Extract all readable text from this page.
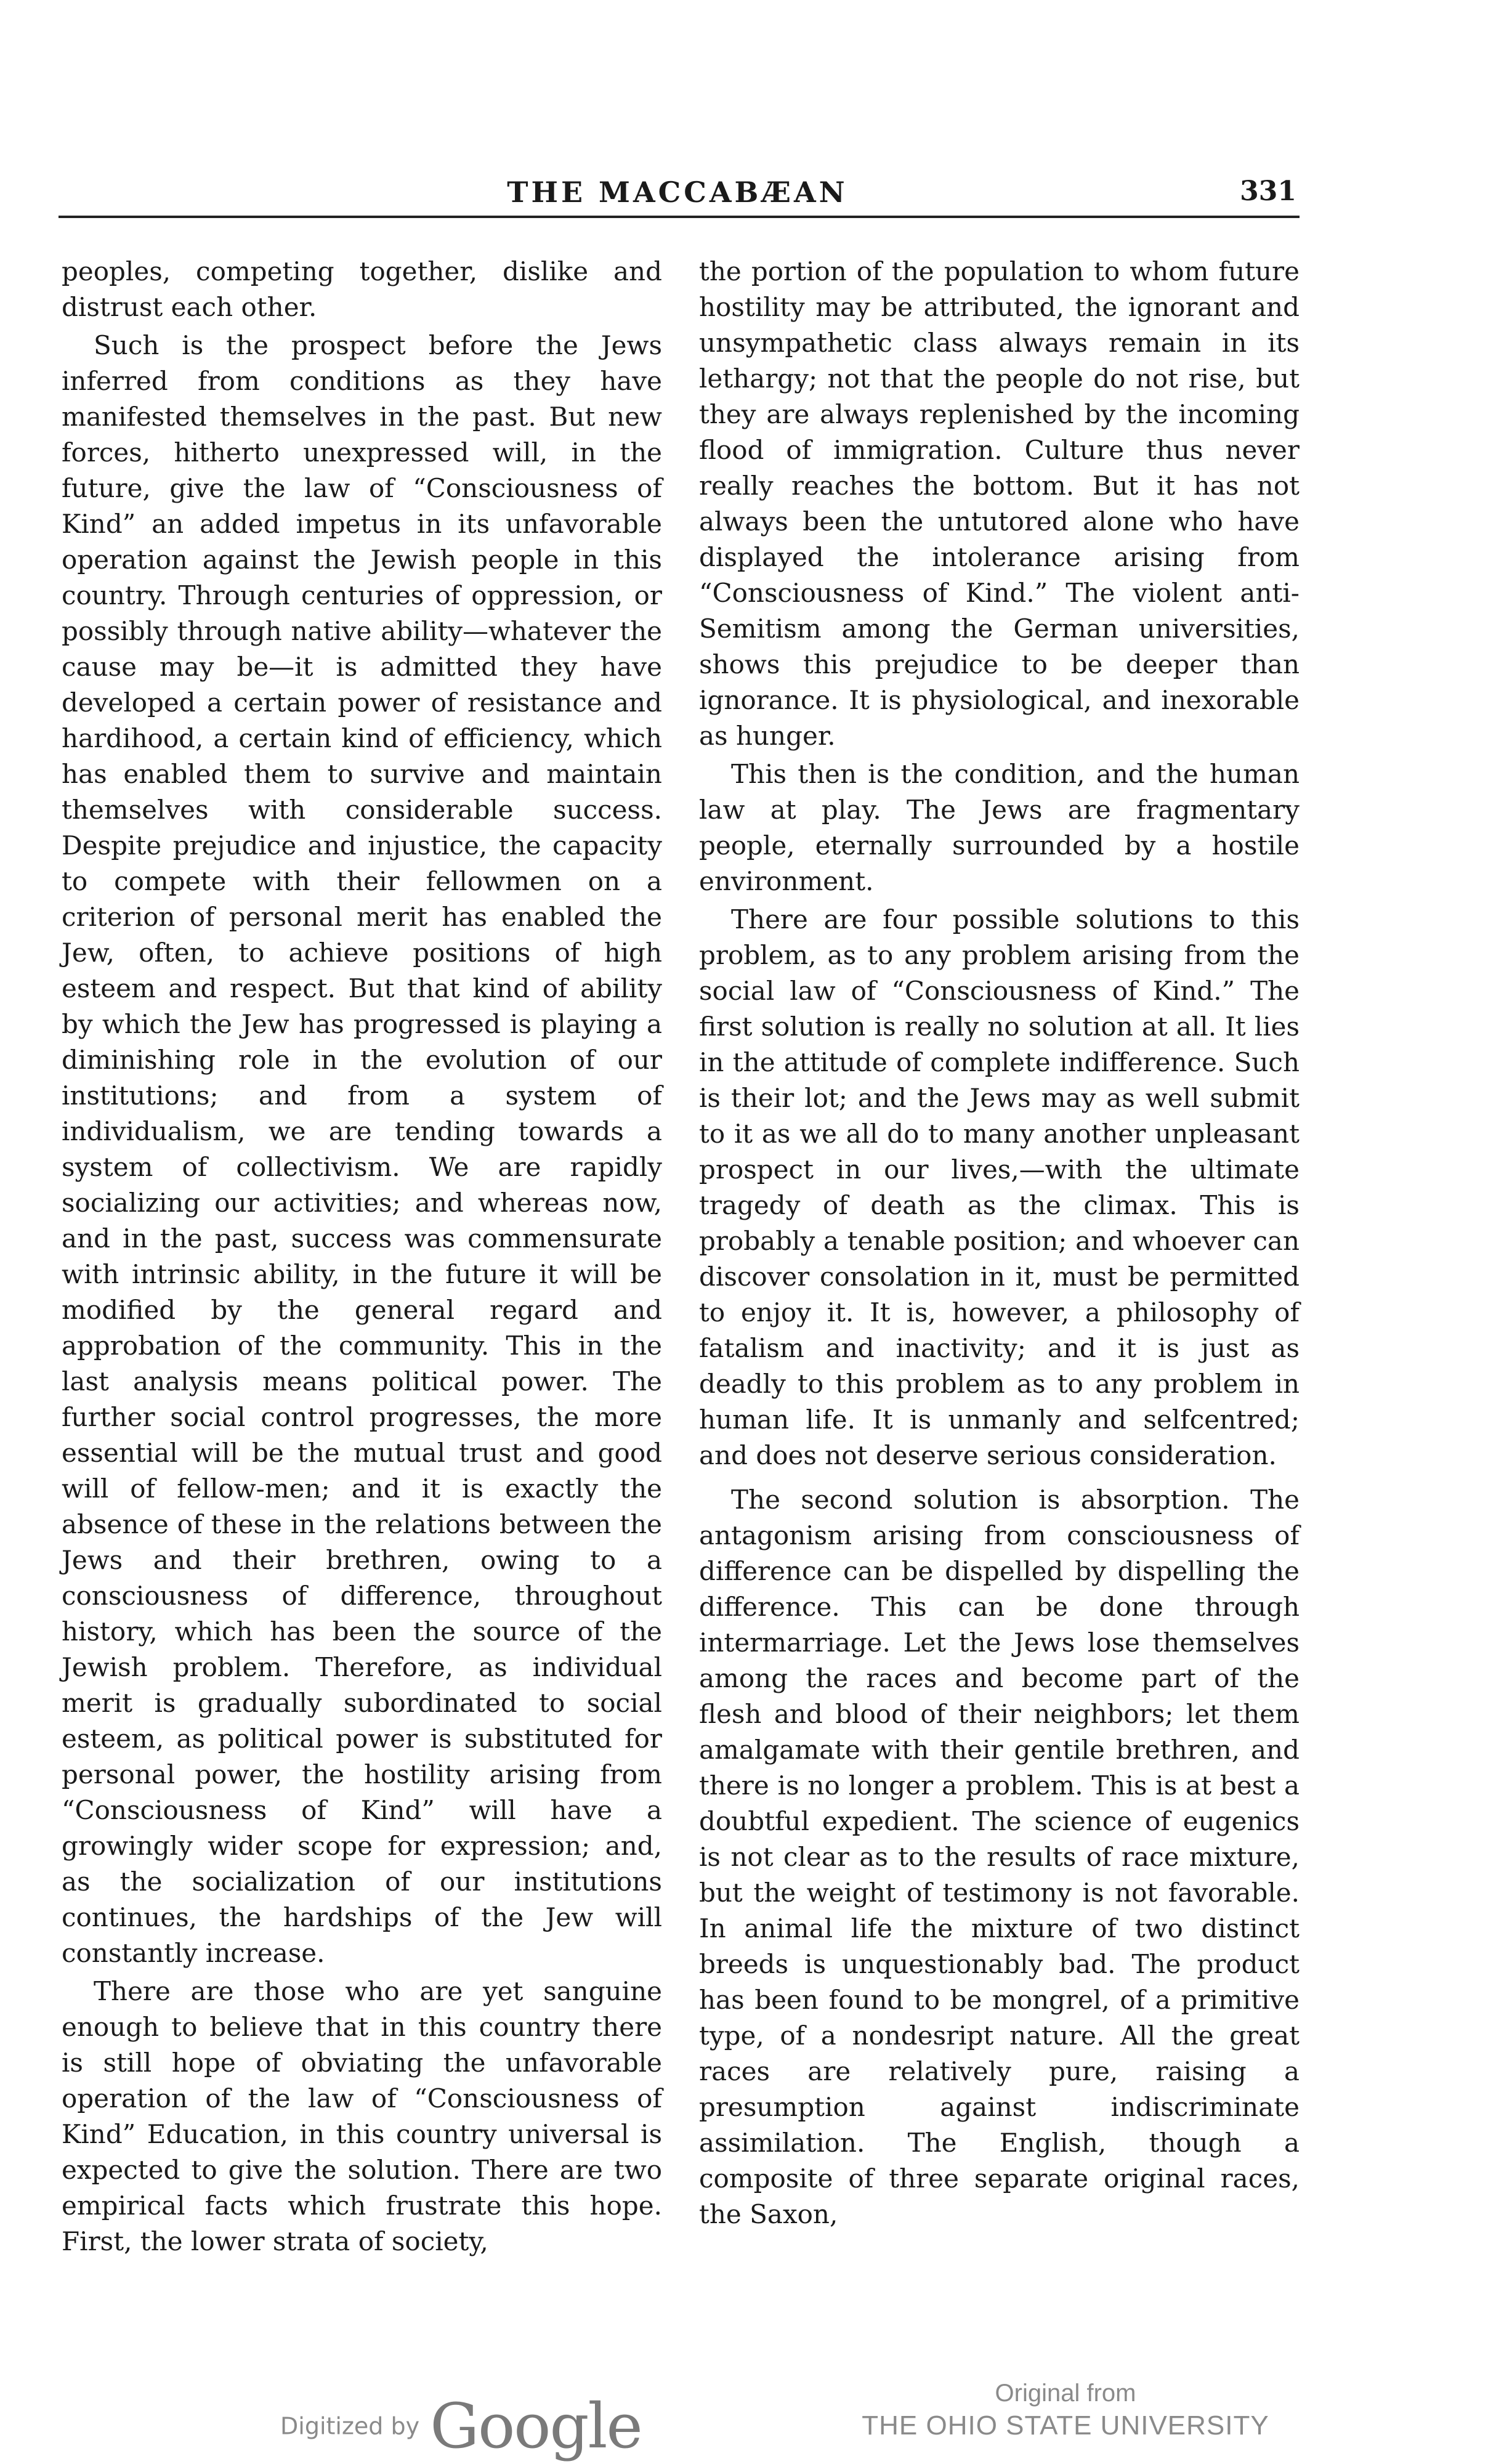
THE MACCABÆAN	331

peoples, competing together, dislike and distrust each other.

Such is the prospect before the Jews inferred from conditions as they have manifested themselves in the past. But new forces, hitherto unexpressed will, in the future, give the law of “Consciousness of Kind” an added impetus in its unfavorable operation against the Jewish people in this country. Through centuries of oppression, or possibly through native ability—whatever the cause may be—it is admitted they have developed a certain power of resistance and hardihood, a certain kind of efficiency, which has enabled them to survive and maintain themselves with considerable success. Despite prejudice and injustice, the capacity to compete with their fellowmen on a criterion of personal merit has enabled the Jew, often, to achieve positions of high esteem and respect. But that kind of ability by which the Jew has progressed is playing a diminishing role in the evolution of our institutions; and from a system of individualism, we are tending towards a system of collectivism. We are rapidly socializing our activities; and whereas now, and in the past, success was commensurate with intrinsic ability, in the future it will be modified by the general regard and approbation of the community. This in the last analysis means political power. The further social control progresses, the more essential will be the mutual trust and good will of fellow-men; and it is exactly the absence of these in the relations between the Jews and their brethren, owing to a consciousness of difference, throughout history, which has been the source of the Jewish problem. Therefore, as individual merit is gradually subordinated to social esteem, as political power is substituted for personal power, the hostility arising from “Consciousness of Kind” will have a growingly wider scope for expression; and, as the socialization of our institutions continues, the hardships of the Jew will constantly increase.

There are those who are yet sanguine enough to believe that in this country there is still hope of obviating the unfavorable operation of the law of “Consciousness of Kind” Education, in this country universal is expected to give the solution. There are two empirical facts which frustrate this hope. First, the lower strata of society,

the portion of the population to whom future hostility may be attributed, the ignorant and unsympathetic class always remain in its lethargy; not that the people do not rise, but they are always replenished by the incoming flood of immigration. Culture thus never really reaches the bottom. But it has not always been the untutored alone who have displayed the intolerance arising from “Consciousness of Kind.” The violent anti-Semitism among the German universities, shows this prejudice to be deeper than ignorance. It is physiological, and inexorable as hunger.

This then is the condition, and the human law at play. The Jews are fragmentary people, eternally surrounded by a hostile environment.

There are four possible solutions to this problem, as to any problem arising from the social law of “Consciousness of Kind.” The first solution is really no solution at all. It lies in the attitude of complete indifference. Such is their lot; and the Jews may as well submit to it as we all do to many another unpleasant prospect in our lives,—with the ultimate tragedy of death as the climax. This is probably a tenable position; and whoever can discover consolation in it, must be permitted to enjoy it. It is, however, a philosophy of fatalism and inactivity; and it is just as deadly to this problem as to any problem in human life. It is unmanly and selfcentred; and does not deserve serious consideration.

The second solution is absorption. The antagonism arising from consciousness of difference can be dispelled by dispelling the difference. This can be done through intermarriage. Let the Jews lose themselves among the races and become part of the flesh and blood of their neighbors; let them amalgamate with their gentile brethren, and there is no longer a problem. This is at best a doubtful expedient. The science of eugenics is not clear as to the results of race mixture, but the weight of testimony is not favorable. In animal life the mixture of two distinct breeds is unquestionably bad. The product has been found to be mongrel, of a primitive type, of a nondesript nature. All the great races are relatively pure, raising a presumption against indiscriminate assimilation. The English, though a composite of three separate original races, the Saxon,

Digitized by Google	Original from
THE OHIO STATE UNIVERSITY
